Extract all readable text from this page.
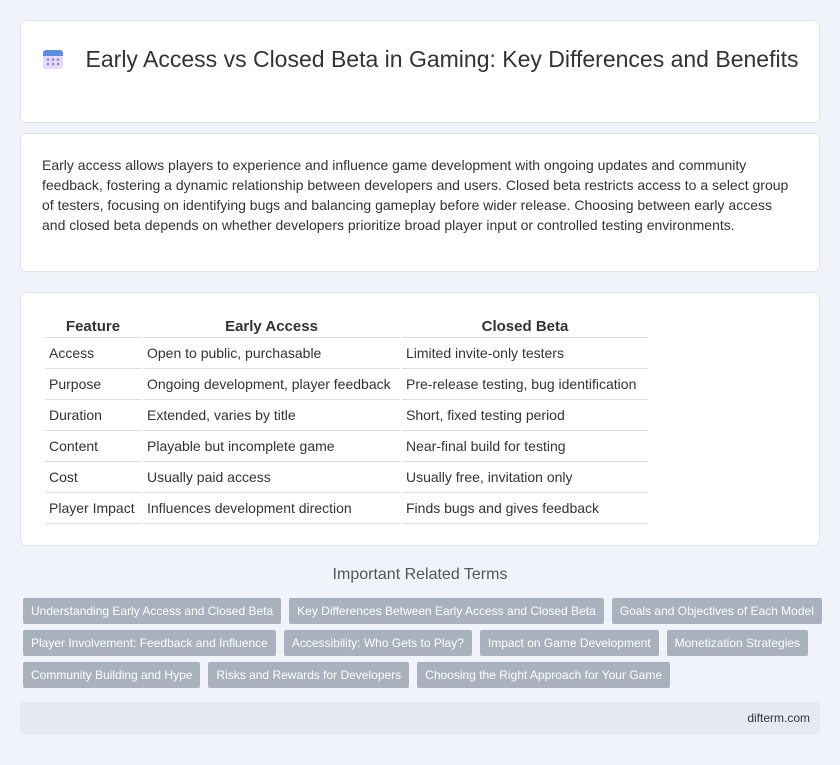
Early Access vs Closed Beta in Gaming: Key Differences and Benefits

Early access allows players to experience and influence game development with ongoing updates and community feedback, fostering a dynamic relationship between developers and users. Closed beta restricts access to a select group of testers, focusing on identifying bugs and balancing gameplay before wider release. Choosing between early access and closed beta depends on whether developers prioritize broad player input or controlled testing environments.

Feature	Early Access	Closed Beta
Access	Open to public, purchasable	Limited invite-only testers
Purpose	Ongoing development, player feedback	Pre-release testing, bug identification
Duration	Extended, varies by title	Short, fixed testing period
Content	Playable but incomplete game	Near-final build for testing
Cost	Usually paid access	Usually free, invitation only
Player Impact	Influences development direction	Finds bugs and gives feedback
Important Related Terms
Understanding Early Access and Closed Beta	Key Differences Between Early Access and Closed Beta	Goals and Objectives of Each Model
Player Involvement: Feedback and Influence	Accessibility: Who Gets to Play?	Impact on Game Development	Monetization Strategies
Community Building and Hype	Risks and Rewards for Developers	Choosing the Right Approach for Your Game
difterm.com
